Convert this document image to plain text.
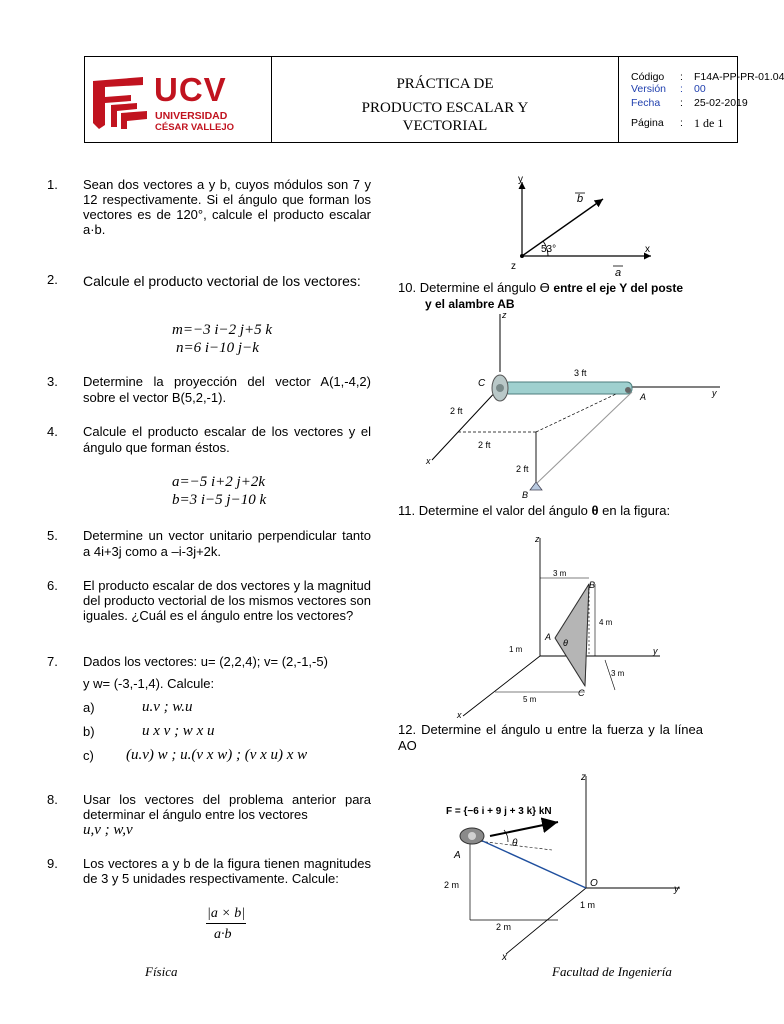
UCV
UNIVERSIDAD
CÉSAR VALLEJO
PRÁCTICA DE
PRODUCTO ESCALAR Y
VECTORIAL
Código : F14A-PP-PR-01.04
Versión : 00
Fecha : 25-02-2019
Página : 1 de 1
1. Sean dos vectores a y b, cuyos módulos son 7 y 12 respectivamente. Si el ángulo que forman los vectores es de 120°, calcule el producto escalar a·b.
2. Calcule el producto vectorial de los vectores:
m=−3 i−2 j+5 k
n=6 i−10 j−k
3. Determine la proyección del vector A(1,-4,2) sobre el vector B(5,2,-1).
4. Calcule el producto escalar de los vectores y el ángulo que forman éstos.
a=−5 i+2 j+2k
b=3 i−5 j−10 k
5. Determine un vector unitario perpendicular tanto a 4i+3j como a –i-3j+2k.
6. El producto escalar de dos vectores y la magnitud del producto vectorial de los mismos vectores son iguales. ¿Cuál es el ángulo entre los vectores?
7. Dados los vectores: u= (2,2,4); v= (2,-1,-5)
y w= (-3,-1,4). Calcule:
a)	u.v ; w.u
b)	u x v ; w x u
c) (u.v) w ; u.(v x w) ; (v x u) x w
8. Usar los vectores del problema anterior para determinar el ángulo entre los vectores
u,v ; w,v
9. Los vectores a y b de la figura tienen magnitudes de 3 y 5 unidades respectivamente. Calcule:
|a × b|
a·b
y
x
z
b
a
53°
10. Determine el ángulo Ө entre el eje Y del poste
y el alambre AB
z
y
x
C
A
B
3 ft
2 ft
2 ft
2 ft
11. Determine el valor del ángulo θ en la figura:
z
y
x
A
B
C
θ
3 m
4 m
1 m
3 m
5 m
12. Determine el ángulo u entre la fuerza y la línea AO
F = {−6 i + 9 j + 3 k} kN
z
y
x
A
O
θ
2 m
1 m
2 m
Física	Facultad de Ingeniería
